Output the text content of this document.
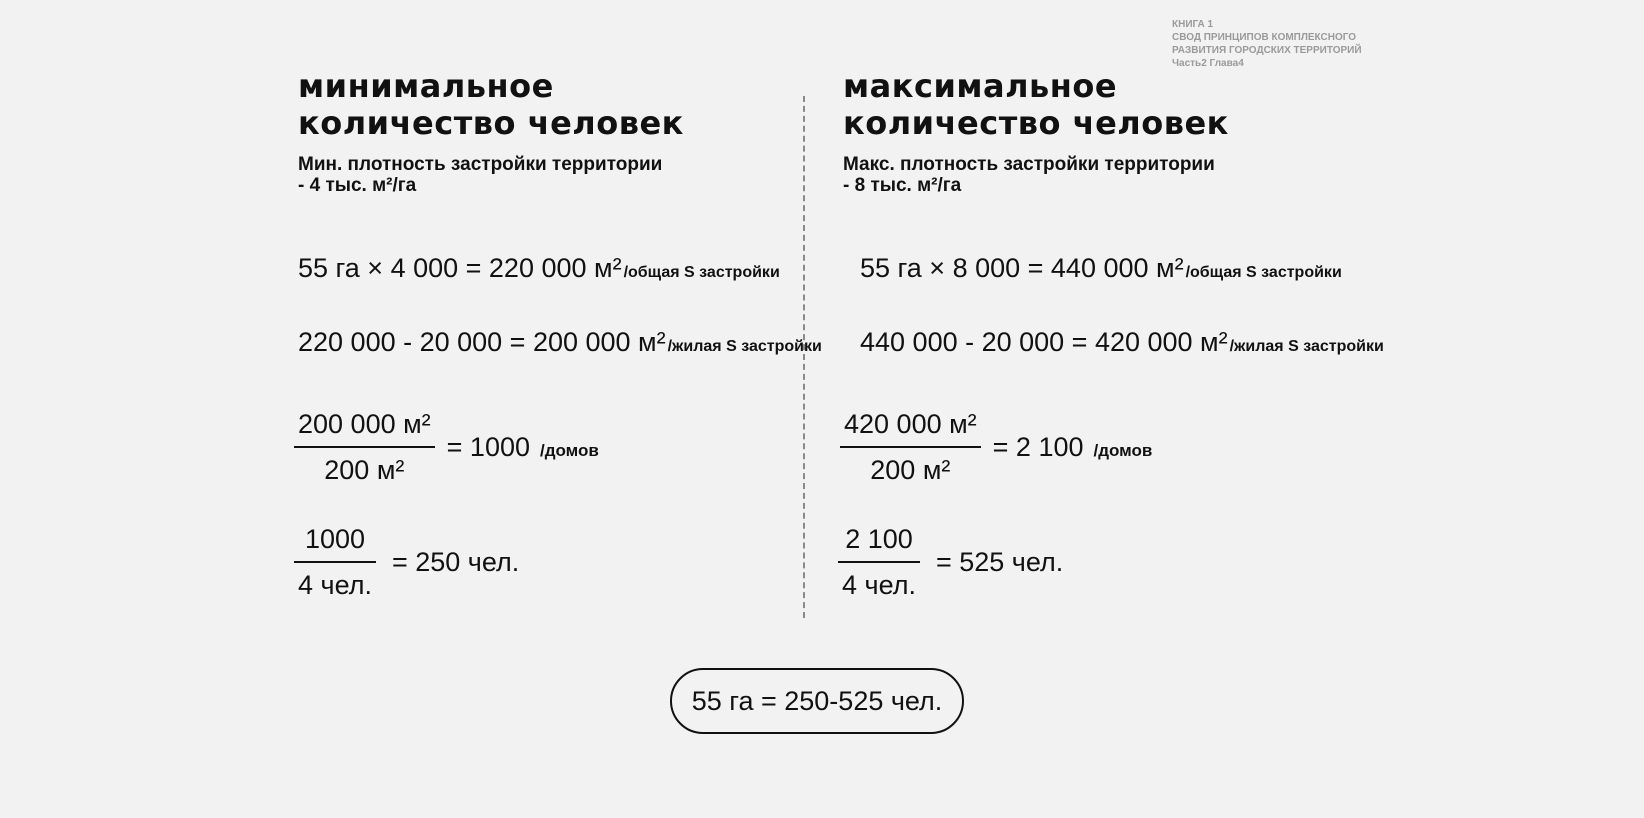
КНИГА 1
СВОД ПРИНЦИПОВ КОМПЛЕКСНОГО
РАЗВИТИЯ ГОРОДСКИХ ТЕРРИТОРИЙ
Часть2 Глава4
минимальное
количество человек
Мин. плотность застройки территории
- 4 тыс. м²/га
55 га × 4 000 = 220 000 м² /общая S застройки
220 000 - 20 000 = 200 000 м² /жилая S застройки
$\frac{\text{200 000 м²}}{\text{200 м²}} = 1000$ /домов
$\frac{1000}{\text{4 чел.}} = 250$ чел.
максимальное
количество человек
Макс. плотность застройки территории
- 8 тыс. м²/га
55 га × 8 000 = 440 000 м² /общая S застройки
440 000 - 20 000 = 420 000 м² /жилая S застройки
$\frac{\text{420 000 м²}}{\text{200 м²}} = 2$ 100 /домов
$\frac{2 100}{\text{4 чел.}} = 525$ чел.
55 га = 250-525 чел.
